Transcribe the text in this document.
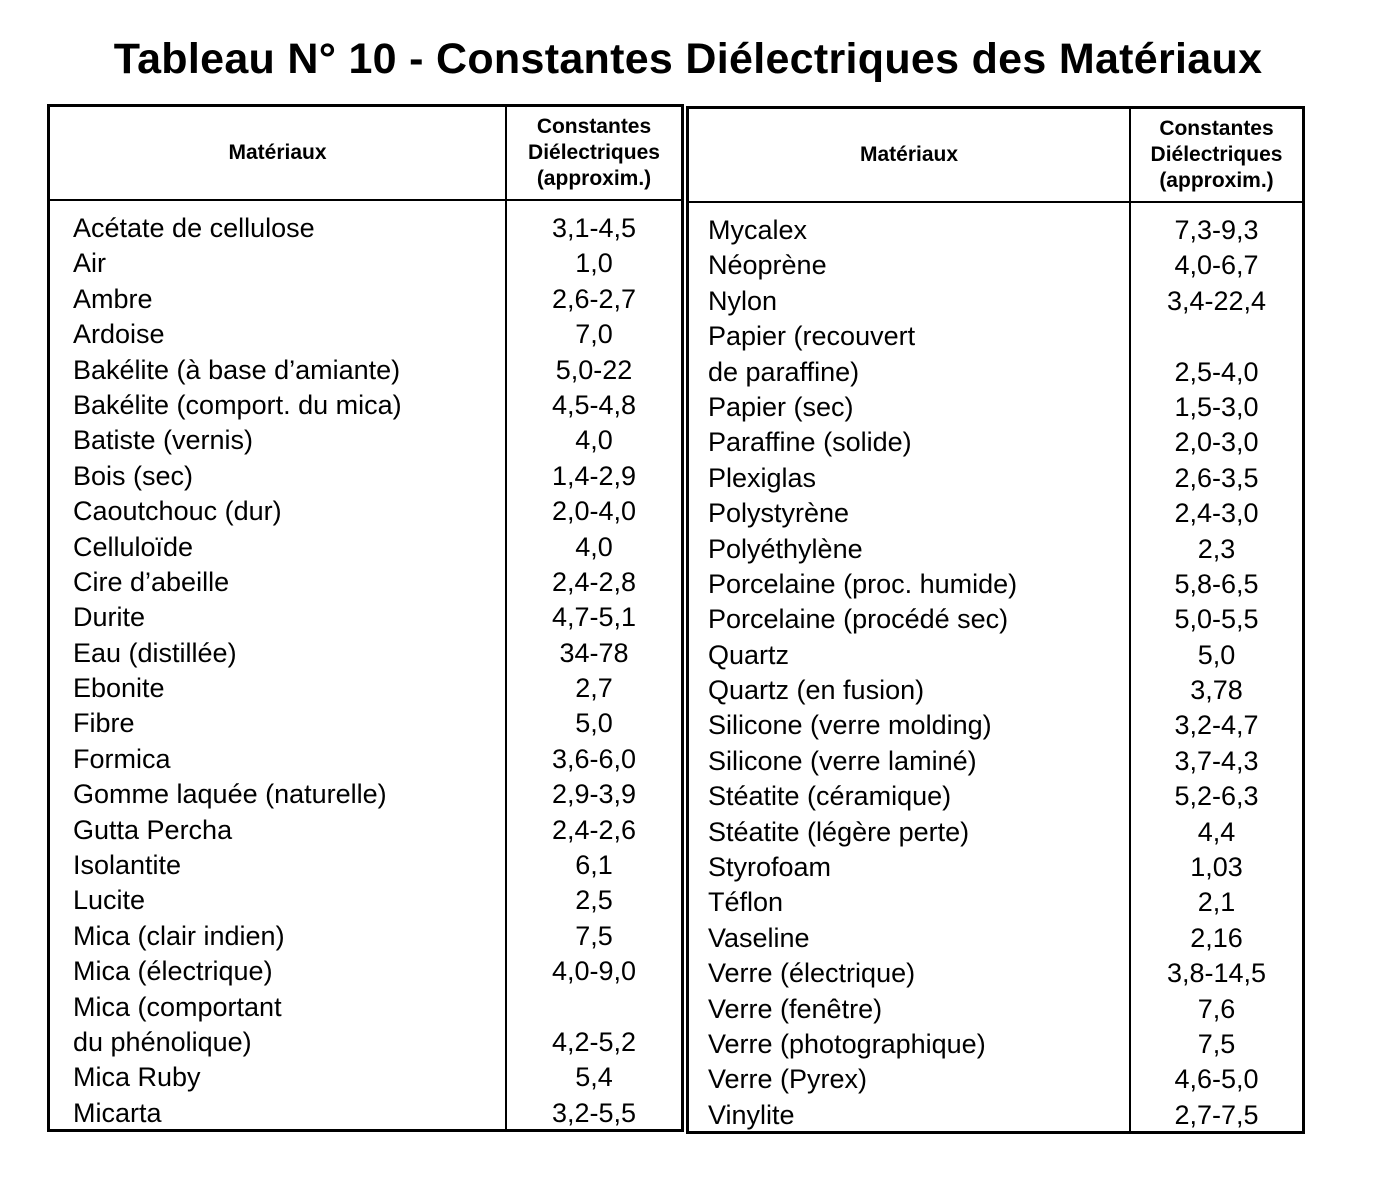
Tableau N° 10 - Constantes Diélectriques des Matériaux
Matériaux
Constantes
Diélectriques
(approxim.)
Acétate de cellulose	3,1-4,5
Air	1,0
Ambre	2,6-2,7
Ardoise	7,0
Bakélite (à base d’amiante)	5,0-22
Bakélite (comport. du mica)	4,5-4,8
Batiste (vernis)	4,0
Bois (sec)	1,4-2,9
Caoutchouc (dur)	2,0-4,0
Celluloïde	4,0
Cire d’abeille	2,4-2,8
Durite	4,7-5,1
Eau (distillée)	34-78
Ebonite	2,7
Fibre	5,0
Formica	3,6-6,0
Gomme laquée (naturelle)	2,9-3,9
Gutta Percha	2,4-2,6
Isolantite	6,1
Lucite	2,5
Mica (clair indien)	7,5
Mica (électrique)	4,0-9,0
Mica (comportant
du phénolique)	4,2-5,2
Mica Ruby	5,4
Micarta	3,2-5,5
Matériaux
Constantes
Diélectriques
(approxim.)
Mycalex	7,3-9,3
Néoprène	4,0-6,7
Nylon	3,4-22,4
Papier (recouvert
de paraffine)	2,5-4,0
Papier (sec)	1,5-3,0
Paraffine (solide)	2,0-3,0
Plexiglas	2,6-3,5
Polystyrène	2,4-3,0
Polyéthylène	2,3
Porcelaine (proc. humide)	5,8-6,5
Porcelaine (procédé sec)	5,0-5,5
Quartz	5,0
Quartz (en fusion)	3,78
Silicone (verre molding)	3,2-4,7
Silicone (verre laminé)	3,7-4,3
Stéatite (céramique)	5,2-6,3
Stéatite (légère perte)	4,4
Styrofoam	1,03
Téflon	2,1
Vaseline	2,16
Verre (électrique)	3,8-14,5
Verre (fenêtre)	7,6
Verre (photographique)	7,5
Verre (Pyrex)	4,6-5,0
Vinylite	2,7-7,5
